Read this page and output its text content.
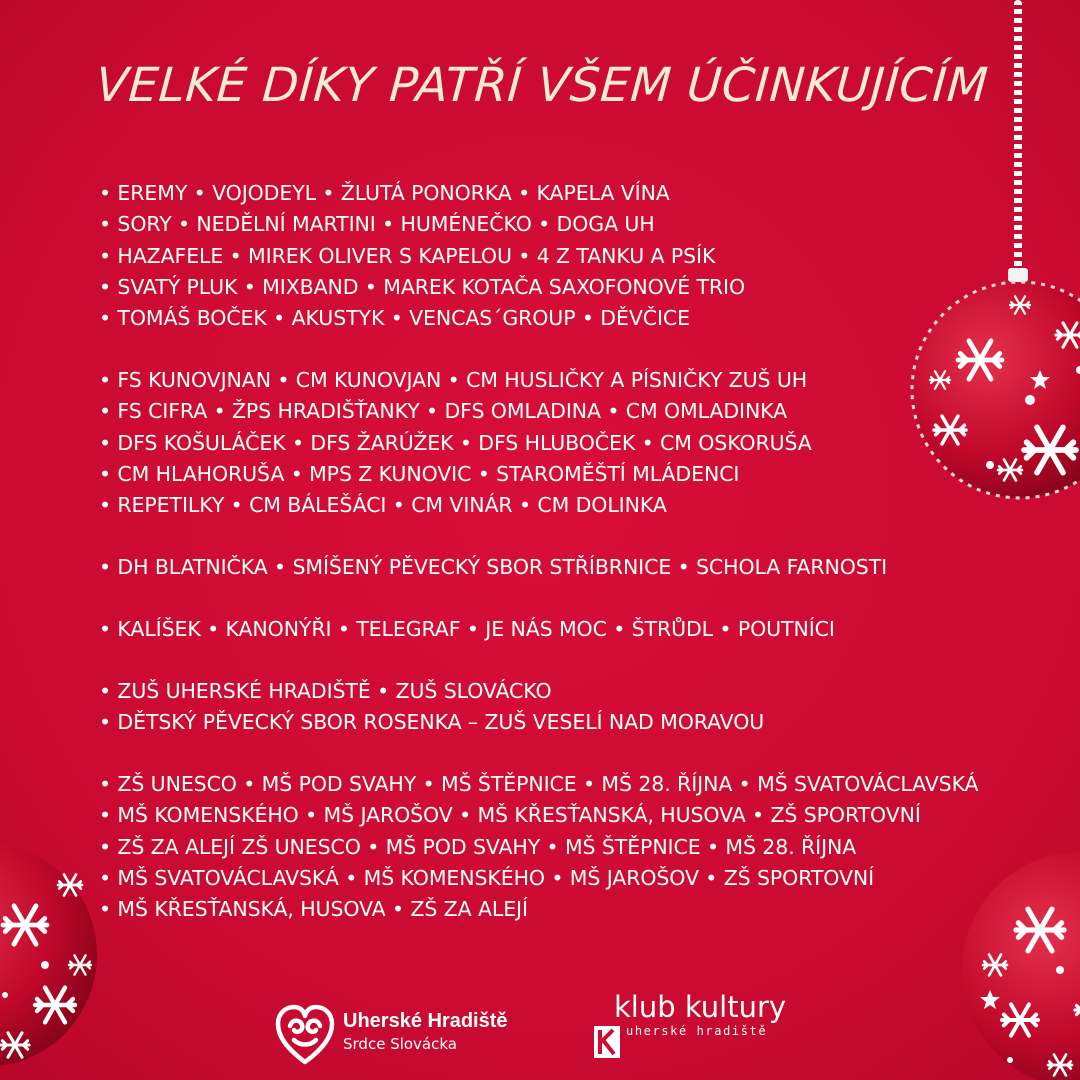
VELKÉ DÍKY PATŘÍ VŠEM ÚČINKUJÍCÍM
• EREMY • VOJODEYL • ŽLUTÁ PONORKA • KAPELA VÍNA
• SORY • NEDĚLNÍ MARTINI • HUMÉNEČKO • DOGA UH
• HAZAFELE • MIREK OLIVER S KAPELOU • 4 Z TANKU A PSÍK
• SVATÝ PLUK • MIXBAND • MAREK KOTAČA SAXOFONOVÉ TRIO
• TOMÁŠ BOČEK • AKUSTYK • VENCAS´GROUP • DĚVČICE
• FS KUNOVJNAN • CM KUNOVJAN • CM HUSLIČKY A PÍSNIČKY ZUŠ UH
• FS CIFRA • ŽPS HRADIŠŤANKY • DFS OMLADINA • CM OMLADINKA
• DFS KOŠULÁČEK • DFS ŽARÚŽEK • DFS HLUBOČEK • CM OSKORUŠA
• CM HLAHORUŠA • MPS Z KUNOVIC • STAROMĚŠTÍ MLÁDENCI
• REPETILKY • CM BÁLEŠÁCI • CM VINÁR • CM DOLINKA
• DH BLATNIČKA • SMÍŠENÝ PĚVECKÝ SBOR STŘÍBRNICE • SCHOLA FARNOSTI
• KALÍŠEK • KANONÝŘI • TELEGRAF • JE NÁS MOC • ŠTRŮDL • POUTNÍCI
• ZUŠ UHERSKÉ HRADIŠTĚ • ZUŠ SLOVÁCKO
• DĚTSKÝ PĚVECKÝ SBOR ROSENKA – ZUŠ VESELÍ NAD MORAVOU
• ZŠ UNESCO • MŠ POD SVAHY • MŠ ŠTĚPNICE • MŠ 28. ŘÍJNA • MŠ SVATOVÁCLAVSKÁ
• MŠ KOMENSKÉHO • MŠ JAROŠOV • MŠ KŘESŤANSKÁ, HUSOVA • ZŠ SPORTOVNÍ
• ZŠ ZA ALEJÍ ZŠ UNESCO • MŠ POD SVAHY • MŠ ŠTĚPNICE • MŠ 28. ŘÍJNA
• MŠ SVATOVÁCLAVSKÁ • MŠ KOMENSKÉHO • MŠ JAROŠOV • ZŠ SPORTOVNÍ
• MŠ KŘESŤANSKÁ, HUSOVA • ZŠ ZA ALEJÍ
Uherské Hradiště
Srdce Slovácka
klub kultury
uherské hradiště
